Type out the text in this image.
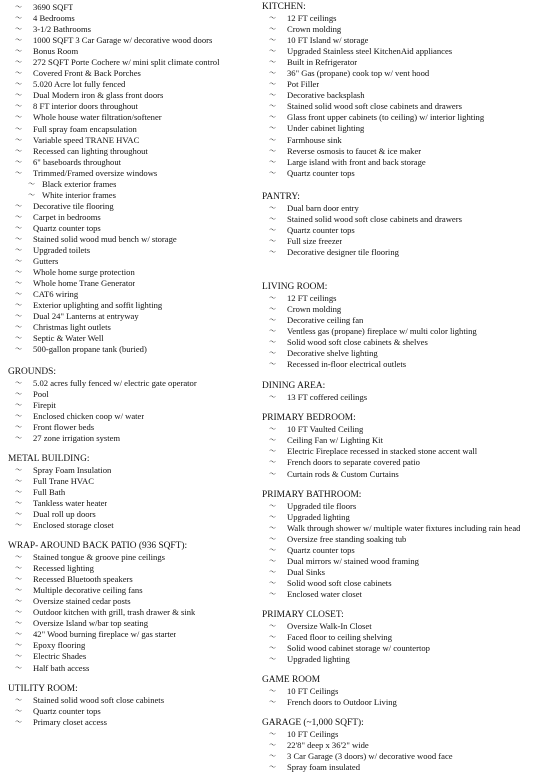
〜	3690 SQFT
〜	4 Bedrooms
〜	3-1/2 Bathrooms
〜	1000 SQFT 3 Car Garage w/ decorative wood doors
〜	Bonus Room
〜	272 SQFT Porte Cochere w/ mini split climate control
〜	Covered Front & Back Porches
〜	5.020 Acre lot fully fenced
〜	Dual Modern iron & glass front doors
〜	8 FT interior doors throughout
〜	Whole house water filtration/softener
〜	Full spray foam encapsulation
〜	Variable speed TRANE HVAC
〜	Recessed can lighting throughout
〜	6" baseboards throughout
〜	Trimmed/Framed oversize windows
〜 Black exterior frames
〜 White interior frames
〜	Decorative tile flooring
〜	Carpet in bedrooms
〜	Quartz counter tops
〜	Stained solid wood mud bench w/ storage
〜	Upgraded toilets
〜	Gutters
〜	Whole home surge protection
〜	Whole home Trane Generator
〜	CAT6 wiring
〜	Exterior uplighting and soffit lighting
〜	Dual 24" Lanterns at entryway
〜	Christmas light outlets
〜	Septic & Water Well
〜	500-gallon propane tank (buried)
GROUNDS:
〜	5.02 acres fully fenced w/ electric gate operator
〜	Pool
〜	Firepit
〜	Enclosed chicken coop w/ water
〜	Front flower beds
〜	27 zone irrigation system
METAL BUILDING:
〜	Spray Foam Insulation
〜	Full Trane HVAC
〜	Full Bath
〜	Tankless water heater
〜	Dual roll up doors
〜	Enclosed storage closet
WRAP- AROUND BACK PATIO (936 SQFT):
〜	Stained tongue & groove pine ceilings
〜	Recessed lighting
〜	Recessed Bluetooth speakers
〜	Multiple decorative ceiling fans
〜	Oversize stained cedar posts
〜	Outdoor kitchen with grill, trash drawer & sink
〜	Oversize Island w/bar top seating
〜	42" Wood burning fireplace w/ gas starter
〜	Epoxy flooring
〜	Electric Shades
〜	Half bath access
UTILITY ROOM:
〜	Stained solid wood soft close cabinets
〜	Quartz counter tops
〜	Primary closet access
KITCHEN:
〜	12 FT ceilings
〜	Crown molding
〜	10 FT Island w/ storage
〜	Upgraded Stainless steel KitchenAid appliances
〜	Built in Refrigerator
〜	36" Gas (propane) cook top w/ vent hood
〜	Pot Filler
〜	Decorative backsplash
〜	Stained solid wood soft close cabinets and drawers
〜	Glass front upper cabinets (to ceiling) w/ interior lighting
〜	Under cabinet lighting
〜	Farmhouse sink
〜	Reverse osmosis to faucet & ice maker
〜	Large island with front and back storage
〜	Quartz counter tops
PANTRY:
〜	Dual barn door entry
〜	Stained solid wood soft close cabinets and drawers
〜	Quartz counter tops
〜	Full size freezer
〜	Decorative designer tile flooring
LIVING ROOM:
〜	12 FT ceilings
〜	Crown molding
〜	Decorative ceiling fan
〜	Ventless gas (propane) fireplace w/ multi color lighting
〜	Solid wood soft close cabinets & shelves
〜	Decorative shelve lighting
〜	Recessed in-floor electrical outlets
DINING AREA:
〜	13 FT coffered ceilings
PRIMARY BEDROOM:
〜	10 FT Vaulted Ceiling
〜	Ceiling Fan w/ Lighting Kit
〜	Electric Fireplace recessed in stacked stone accent wall
〜	French doors to separate covered patio
〜	Curtain rods & Custom Curtains
PRIMARY BATHROOM:
〜	Upgraded tile floors
〜	Upgraded lighting
〜	Walk through shower w/ multiple water fixtures including rain head
〜	Oversize free standing soaking tub
〜	Quartz counter tops
〜	Dual mirrors w/ stained wood framing
〜	Dual Sinks
〜	Solid wood soft close cabinets
〜	Enclosed water closet
PRIMARY CLOSET:
〜	Oversize Walk-In Closet
〜	Faced floor to ceiling shelving
〜	Solid wood cabinet storage w/ countertop
〜	Upgraded lighting
GAME ROOM
〜	10 FT Ceilings
〜	French doors to Outdoor Living
GARAGE (~1,000 SQFT):
〜	10 FT Ceilings
〜	22'8" deep x 36'2" wide
〜	3 Car Garage (3 doors) w/ decorative wood face
〜	Spray foam insulated
